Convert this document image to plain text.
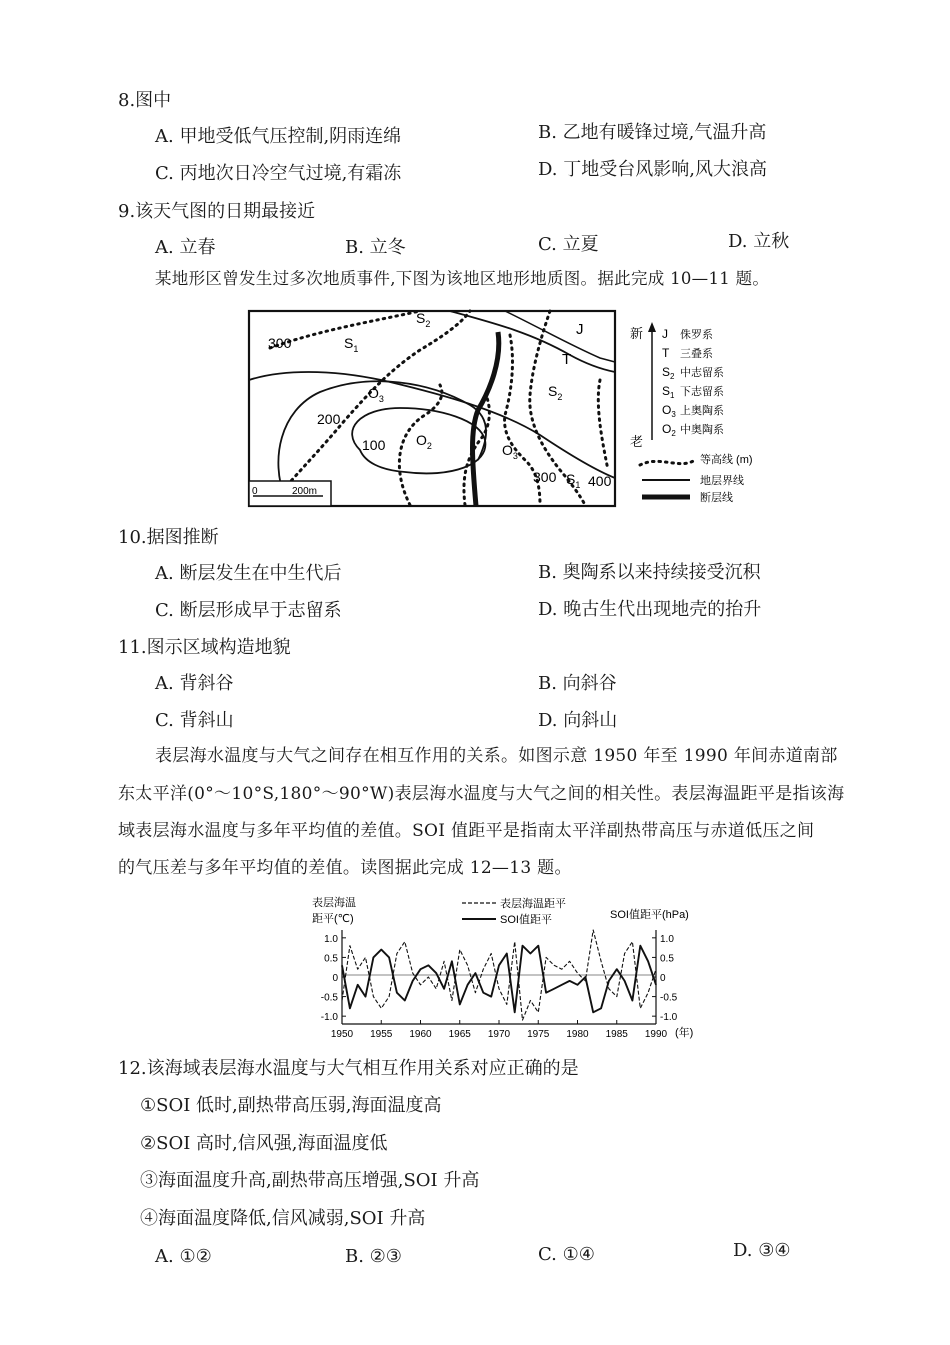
8.图中
A. 甲地受低气压控制,阴雨连绵	B. 乙地有暖锋过境,气温升高
C. 丙地次日冷空气过境,有霜冻	D. 丁地受台风影响,风大浪高
9.该天气图的日期最接近
A. 立春	B. 立冬	C. 立夏	D. 立秋
某地形区曾发生过多次地质事件,下图为该地区地形地质图。据此完成 10—11 题。
300
200
100
300 400
$S_1$
$S_2$	J
T
$S_2$
$O_3$
$O_2$	$O_3$
$S_1$
0	200m
新
老
J 侏罗系
T 三叠系
$S_2$ 中志留系
$S_1$ 下志留系
$O_3$ 上奥陶系
$O_2$ 中奥陶系
等高线 (m)
地层界线
断层线
10.据图推断
A. 断层发生在中生代后	B. 奥陶系以来持续接受沉积
C. 断层形成早于志留系	D. 晚古生代出现地壳的抬升
11.图示区域构造地貌
A. 背斜谷	B. 向斜谷
C. 背斜山	D. 向斜山
表层海水温度与大气之间存在相互作用的关系。如图示意 1950 年至 1990 年间赤道南部
东太平洋(0°～10°S,180°～90°W)表层海水温度与大气之间的相关性。表层海温距平是指该海
域表层海水温度与多年平均值的差值。SOI 值距平是指南太平洋副热带高压与赤道低压之间
的气压差与多年平均值的差值。读图据此完成 12—13 题。
表层海温
距平(℃)	SOI值距平(hPa)
表层海温距平
SOI值距平
1.0
0.5
0
-0.5
-1.0
1.0
0.5
0
-0.5
-1.0
1950 1955 1960 1965 1970 1975 1980 1985 1990 (年)
12.该海域表层海水温度与大气相互作用关系对应正确的是
①SOI 低时,副热带高压弱,海面温度高
②SOI 高时,信风强,海面温度低
③海面温度升高,副热带高压增强,SOI 升高
④海面温度降低,信风减弱,SOI 升高
A. ①②	B. ②③	C. ①④	D. ③④
